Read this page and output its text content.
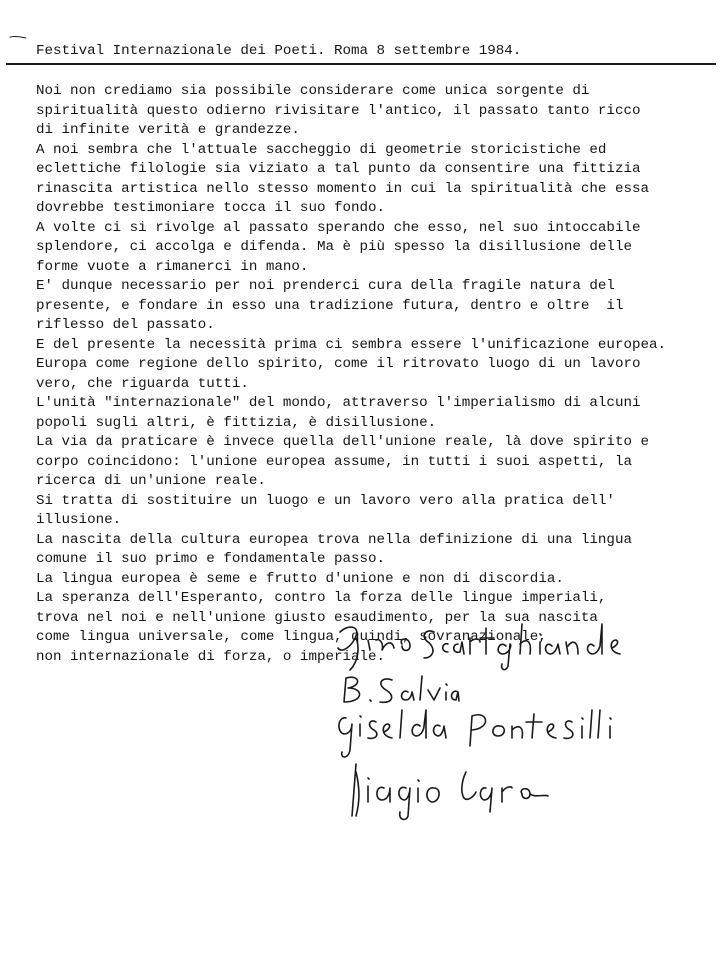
Festival Internazionale dei Poeti. Roma 8 settembre 1984.
Noi non crediamo sia possibile considerare come unica sorgente di
spiritualità questo odierno rivisitare l'antico, il passato tanto ricco
di infinite verità e grandezze.
A noi sembra che l'attuale saccheggio di geometrie storicistiche ed
eclettiche filologie sia viziato a tal punto da consentire una fittizia
rinascita artistica nello stesso momento in cui la spiritualità che essa
dovrebbe testimoniare tocca il suo fondo.
A volte ci si rivolge al passato sperando che esso, nel suo intoccabile
splendore, ci accolga e difenda. Ma è più spesso la disillusione delle
forme vuote a rimanerci in mano.
E' dunque necessario per noi prenderci cura della fragile natura del
presente, e fondare in esso una tradizione futura, dentro e oltre  il
riflesso del passato.
E del presente la necessità prima ci sembra essere l'unificazione europea.
Europa come regione dello spirito, come il ritrovato luogo di un lavoro
vero, che riguarda tutti.
L'unità "internazionale" del mondo, attraverso l'imperialismo di alcuni
popoli sugli altri, è fittizia, è disillusione.
La via da praticare è invece quella dell'unione reale, là dove spirito e
corpo coincidono: l'unione europea assume, in tutti i suoi aspetti, la
ricerca di un'unione reale.
Si tratta di sostituire un luogo e un lavoro vero alla pratica dell'
illusione.
La nascita della cultura europea trova nella definizione di una lingua
comune il suo primo e fondamentale passo.
La lingua europea è seme e frutto d'unione e non di discordia.
La speranza dell'Esperanto, contro la forza delle lingue imperiali,
trova nel noi e nell'unione giusto esaudimento, per la sua nascita
come lingua universale, come lingua, quindi, sovranazionale,
non internazionale di forza, o imperiale.
